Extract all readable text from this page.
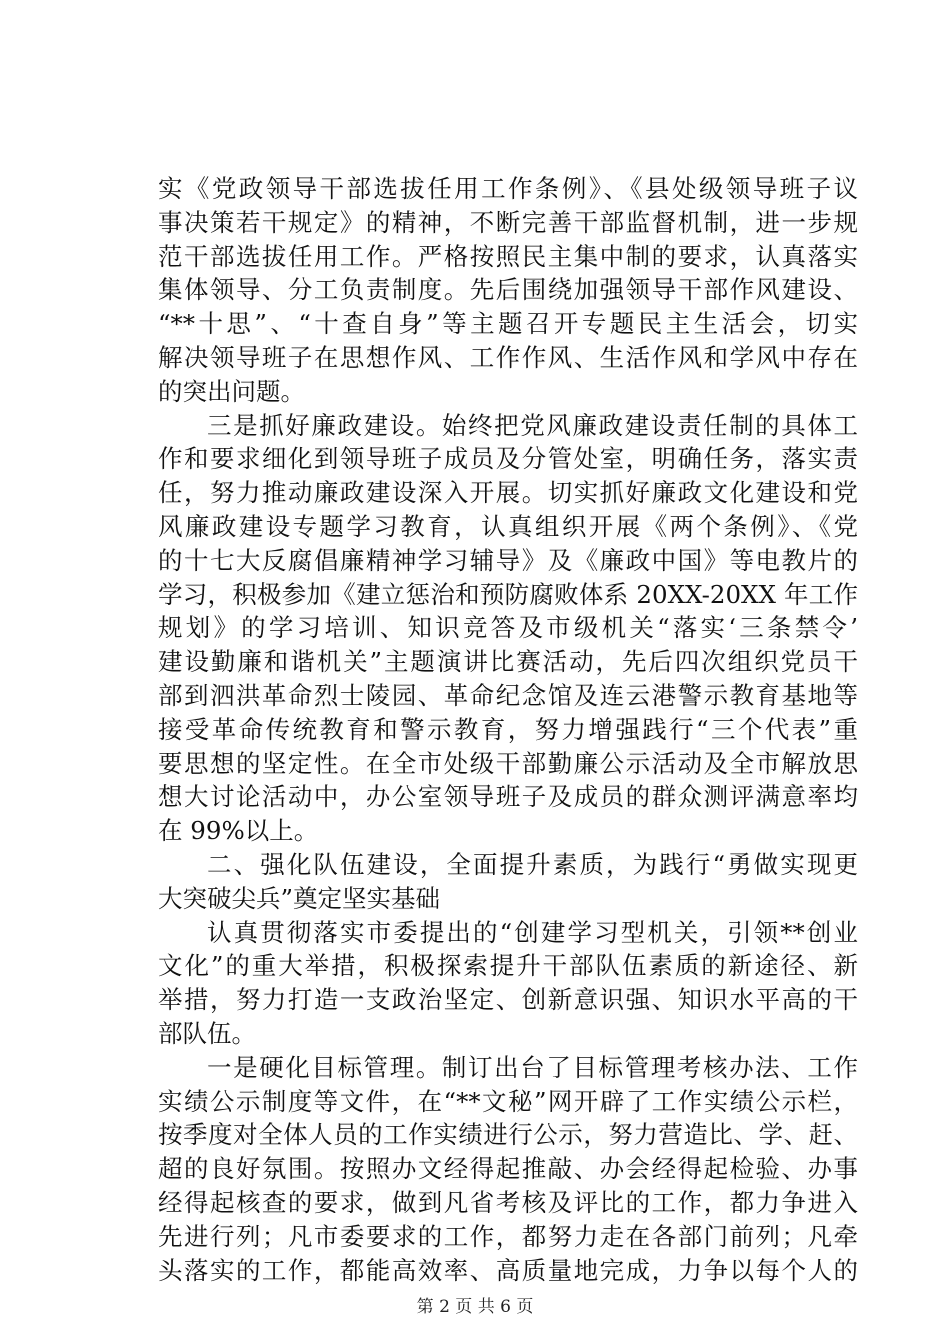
实《党政领导干部选拔任用工作条例》、《县处级领导班子议
事决策若干规定》的精神，不断完善干部监督机制，进一步规
范干部选拔任用工作。严格按照民主集中制的要求，认真落实
集体领导、分工负责制度。先后围绕加强领导干部作风建设、
“**十思”、“十查自身”等主题召开专题民主生活会，切实
解决领导班子在思想作风、工作作风、生活作风和学风中存在
的突出问题。
三是抓好廉政建设。始终把党风廉政建设责任制的具体工
作和要求细化到领导班子成员及分管处室，明确任务，落实责
任，努力推动廉政建设深入开展。切实抓好廉政文化建设和党
风廉政建设专题学习教育，认真组织开展《两个条例》、《党
的十七大反腐倡廉精神学习辅导》及《廉政中国》等电教片的
学习，积极参加《建立惩治和预防腐败体系 20XX-20XX 年工作
规划》的学习培训、知识竞答及市级机关“落实‘三条禁令’
建设勤廉和谐机关”主题演讲比赛活动，先后四次组织党员干
部到泗洪革命烈士陵园、革命纪念馆及连云港警示教育基地等
接受革命传统教育和警示教育，努力增强践行“三个代表”重
要思想的坚定性。在全市处级干部勤廉公示活动及全市解放思
想大讨论活动中，办公室领导班子及成员的群众测评满意率均
在 99%以上。
二、强化队伍建设，全面提升素质，为践行“勇做实现更
大突破尖兵”奠定坚实基础
认真贯彻落实市委提出的“创建学习型机关，引领**创业
文化”的重大举措，积极探索提升干部队伍素质的新途径、新
举措，努力打造一支政治坚定、创新意识强、知识水平高的干
部队伍。
一是硬化目标管理。制订出台了目标管理考核办法、工作
实绩公示制度等文件，在“**文秘”网开辟了工作实绩公示栏，
按季度对全体人员的工作实绩进行公示，努力营造比、学、赶、
超的良好氛围。按照办文经得起推敲、办会经得起检验、办事
经得起核查的要求，做到凡省考核及评比的工作，都力争进入
先进行列；凡市委要求的工作，都努力走在各部门前列；凡牵
头落实的工作，都能高效率、高质量地完成，力争以每个人的
第 2 页 共 6 页
